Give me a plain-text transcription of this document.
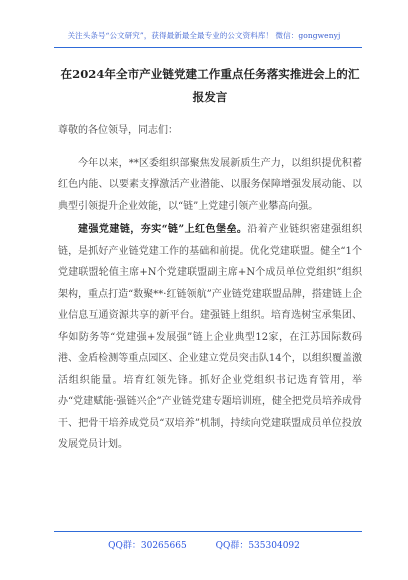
关注头条号“公文研究”，获得最新最全最专业的公文资料库！ 微信：gongwenyj
在2024年全市产业链党建工作重点任务落实推进会上的汇报发言

尊敬的各位领导，同志们：

今年以来，**区委组织部聚焦发展新质生产力，以组织提优积蓄红色内能、以要素支撑激活产业潜能、以服务保障增强发展动能、以典型引领提升企业效能，以“链”上党建引领产业攀高向强。

建强党建链，夯实“链”上红色堡垒。沿着产业链织密建强组织链，是抓好产业链党建工作的基础和前提。优化党建联盟。健全“1个党建联盟轮值主席+N个党建联盟副主席+N个成员单位党组织”组织架构，重点打造“数聚**·红链领航”产业链党建联盟品牌，搭建链上企业信息互通资源共享的新平台。建强链上组织。培育选树宝承集团、华如防务等“党建强+发展强”链上企业典型12家，在江苏国际数码港、金盾检测等重点园区、企业建立党员突击队14个，以组织覆盖激活组织能量。培育红领先锋。抓好企业党组织书记选育管用，举办“党建赋能·强链兴企”产业链党建专题培训班，健全把党员培养成骨干、把骨干培养成党员“双培养”机制，持续向党建联盟成员单位投放发展党员计划。

QQ群：30265665	QQ群：535304092
